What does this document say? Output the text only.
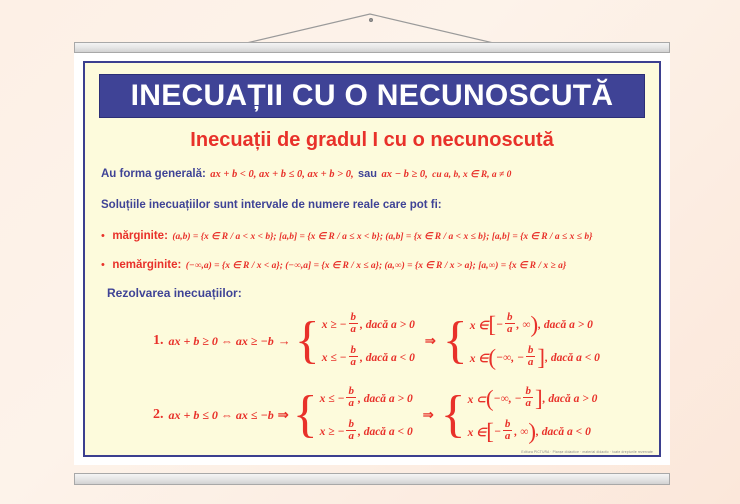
INECUAȚII CU O NECUNOSCUTĂ
Inecuații de gradul I cu o necunoscută
Au forma generală: ax + b < 0, ax + b ≤ 0, ax + b > 0, sau ax − b ≥ 0, cu a, b, x ∈ R, a ≠ 0
Soluțiile inecuațiilor sunt intervale de numere reale care pot fi:
• mărginite: (a,b) = {x ∈ R / a < x < b}; [a,b] = {x ∈ R / a ≤ x < b}; (a,b] = {x ∈ R / a < x ≤ b}; [a,b] = {x ∈ R / a ≤ x ≤ b}
• nemărginite: (−∞,a) = {x ∈ R / x < a}; (−∞,a] = {x ∈ R / x ≤ a}; (a,∞) = {x ∈ R / x > a}; [a,∞) = {x ∈ R / x ≥ a}
Rezolvarea inecuațiilor:
1. ax + b ≥ 0 ⇔ ax ≥ −b → { x ≥ − $\frac{b}{a}$ , dacă a > 0
x ≤ − $\frac{b}{a}$ , dacă a < 0
⇒ { x ∈ [ − $\frac{b}{a}$ , ∞ ) , dacă a > 0
x ∈ ( −∞, − $\frac{b}{a}$ ] , dacă a < 0
2. ax + b ≤ 0 ⇔ ax ≤ −b ⇒ { x ≤ − $\frac{b}{a}$ , dacă a > 0
x ≥ − $\frac{b}{a}$ , dacă a < 0
⇒ { x ⊂ ( −∞, − $\frac{b}{a}$ ] , dacă a > 0
x ∈ [ − $\frac{b}{a}$ , ∞ ) , dacă a < 0
Editura PICTURA · Planșe didactice · material didactic · toate drepturile rezervate
